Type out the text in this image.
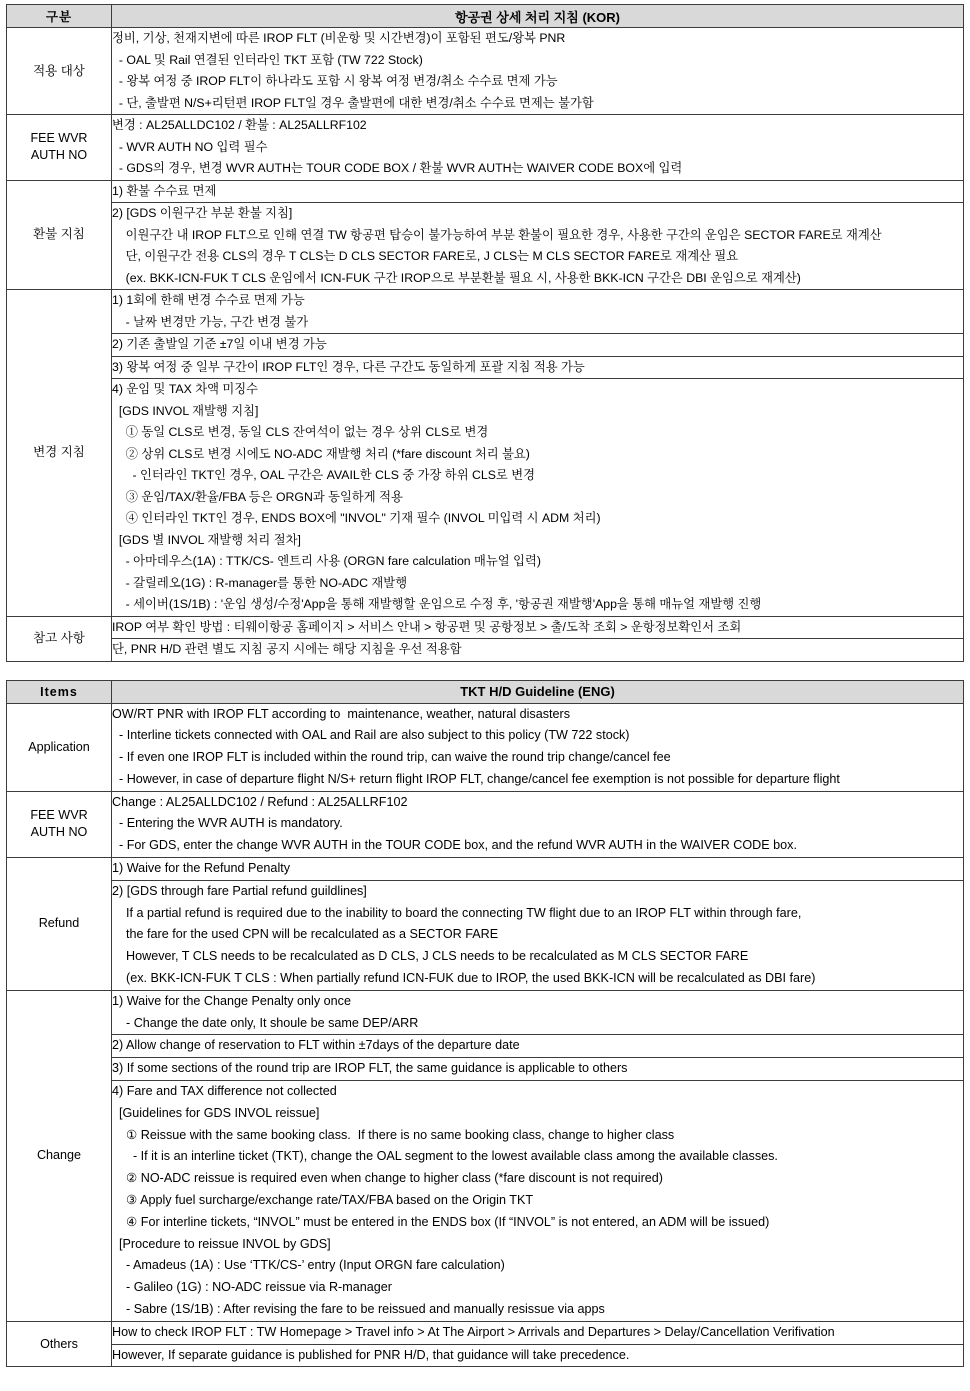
구분	항공권 상세 처리 지침 (KOR)
적용 대상	정비, 기상, 천재지변에 따른 IROP FLT (비운항 및 시간변경)이 포함된 편도/왕복 PNR
- OAL 및 Rail 연결된 인터라인 TKT 포함 (TW 722 Stock)
- 왕복 여정 중 IROP FLT이 하나라도 포함 시 왕복 여정 변경/취소 수수료 면제 가능
- 단, 출발편 N/S+리턴편 IROP FLT일 경우 출발편에 대한 변경/취소 수수료 면제는 불가함

FEE WVR
AUTH NO	변경 : AL25ALLDC102 / 환불 : AL25ALLRF102
- WVR AUTH NO 입력 필수
- GDS의 경우, 변경 WVR AUTH는 TOUR CODE BOX / 환불 WVR AUTH는 WAIVER CODE BOX에 입력

환불 지침	1) 환불 수수료 면제

	2) [GDS 이원구간 부분 환불 지침]
이원구간 내 IROP FLT으로 인해 연결 TW 항공편 탑승이 불가능하여 부분 환불이 필요한 경우, 사용한 구간의 운임은 SECTOR FARE로 재계산
단, 이원구간 전용 CLS의 경우 T CLS는 D CLS SECTOR FARE로, J CLS는 M CLS SECTOR FARE로 재계산 필요
(ex. BKK-ICN-FUK T CLS 운임에서 ICN-FUK 구간 IROP으로 부분환불 필요 시, 사용한 BKK-ICN 구간은 DBI 운임으로 재계산)

변경 지침	1) 1회에 한해 변경 수수료 면제 가능
- 날짜 변경만 가능, 구간 변경 불가

	2) 기존 출발일 기준 ±7일 이내 변경 가능

	3) 왕복 여정 중 일부 구간이 IROP FLT인 경우, 다른 구간도 동일하게 포괄 지침 적용 가능

4) 운임 및 TAX 차액 미징수
[GDS INVOL 재발행 지침]
① 동일 CLS로 변경, 동일 CLS 잔여석이 없는 경우 상위 CLS로 변경
② 상위 CLS로 변경 시에도 NO-ADC 재발행 처리 (*fare discount 처리 불요)
- 인터라인 TKT인 경우, OAL 구간은 AVAIL한 CLS 중 가장 하위 CLS로 변경
③ 운임/TAX/환율/FBA 등은 ORGN과 동일하게 적용
④ 인터라인 TKT인 경우, ENDS BOX에 "INVOL" 기재 필수 (INVOL 미입력 시 ADM 처리)
[GDS 별 INVOL 재발행 처리 절차]
- 아마데우스(1A) : TTK/CS- 엔트리 사용 (ORGN fare calculation 매뉴얼 입력)
- 갈릴레오(1G) : R-manager를 통한 NO-ADC 재발행
- 세이버(1S/1B) : '운임 생성/수정'App을 통해 재발행할 운임으로 수정 후, '항공권 재발행'App을 통해 매뉴얼 재발행 진행

참고 사항	IROP 여부 확인 방법 : 티웨이항공 홈페이지 > 서비스 안내 > 항공편 및 공항정보 > 출/도착 조회 > 운항정보확인서 조회

	단, PNR H/D 관련 별도 지침 공지 시에는 해당 지침을 우선 적용함
Items	TKT H/D Guideline (ENG)
Application	OW/RT PNR with IROP FLT according to  maintenance, weather, natural disasters
- Interline tickets connected with OAL and Rail are also subject to this policy (TW 722 stock)
- If even one IROP FLT is included within the round trip, can waive the round trip change/cancel fee
- However, in case of departure flight N/S+ return flight IROP FLT, change/cancel fee exemption is not possible for departure flight

FEE WVR
AUTH NO	Change : AL25ALLDC102 / Refund : AL25ALLRF102
- Entering the WVR AUTH is mandatory.
- For GDS, enter the change WVR AUTH in the TOUR CODE box, and the refund WVR AUTH in the WAIVER CODE box.

Refund	1) Waive for the Refund Penalty

	2) [GDS through fare Partial refund guildlines]
If a partial refund is required due to the inability to board the connecting TW flight due to an IROP FLT within through fare,
the fare for the used CPN will be recalculated as a SECTOR FARE
However, T CLS needs to be recalculated as D CLS, J CLS needs to be recalculated as M CLS SECTOR FARE
(ex. BKK-ICN-FUK T CLS : When partially refund ICN-FUK due to IROP, the used BKK-ICN will be recalculated as DBI fare)

Change	1) Waive for the Change Penalty only once
- Change the date only, It shoule be same DEP/ARR

	2) Allow change of reservation to FLT within ±7days of the departure date

	3) If some sections of the round trip are IROP FLT, the same guidance is applicable to others

4) Fare and TAX difference not collected
[Guidelines for GDS INVOL reissue]
① Reissue with the same booking class.  If there is no same booking class, change to higher class
- If it is an interline ticket (TKT), change the OAL segment to the lowest available class among the available classes.
② NO-ADC reissue is required even when change to higher class (*fare discount is not required)
③ Apply fuel surcharge/exchange rate/TAX/FBA based on the Origin TKT
④ For interline tickets, “INVOL” must be entered in the ENDS box (If “INVOL” is not entered, an ADM will be issued)
[Procedure to reissue INVOL by GDS]
- Amadeus (1A) : Use ‘TTK/CS-’ entry (Input ORGN fare calculation)
- Galileo (1G) : NO-ADC reissue via R-manager
- Sabre (1S/1B) : After revising the fare to be reissued and manually resissue via apps

Others	How to check IROP FLT : TW Homepage > Travel info > At The Airport > Arrivals and Departures > Delay/Cancellation Verifivation

	However, If separate guidance is published for PNR H/D, that guidance will take precedence.
